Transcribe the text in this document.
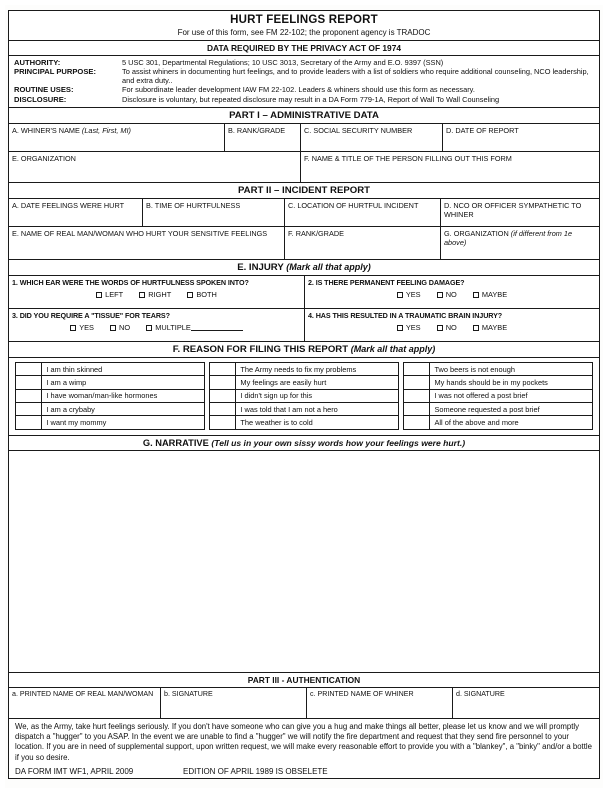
HURT FEELINGS REPORT
For use of this form, see FM 22-102; the proponent agency is TRADOC
DATA REQUIRED BY THE PRIVACY ACT OF 1974
AUTHORITY:	5 USC 301, Departmental Regulations; 10 USC 3013, Secretary of the Army and E.O. 9397 (SSN)
PRINCIPAL PURPOSE:	To assist whiners in documenting hurt feelings, and to provide leaders with a list of soldiers who require additional counseling, NCO leadership, and extra duty..
ROUTINE USES:	For subordinate leader development IAW FM 22-102. Leaders & whiners should use this form as necessary.
DISCLOSURE:	Disclosure is voluntary, but repeated disclosure may result in a DA Form 779-1A, Report of Wall To Wall Counseling
PART I – ADMINISTRATIVE DATA
A. WHINER'S NAME (Last, First, MI)	B. RANK/GRADE	C. SOCIAL SECURITY NUMBER	D. DATE OF REPORT
E. ORGANIZATION	F. NAME & TITLE OF THE PERSON FILLING OUT THIS FORM
PART II – INCIDENT REPORT
A. DATE FEELINGS WERE HURT	B. TIME OF HURTFULNESS	C. LOCATION OF HURTFUL INCIDENT	D. NCO OR OFFICER SYMPATHETIC TO WHINER
E. NAME OF REAL MAN/WOMAN WHO HURT YOUR SENSITIVE FEELINGS	F. RANK/GRADE	G. ORGANIZATION (if different from 1e above)
E. INJURY (Mark all that apply)
1. WHICH EAR WERE THE WORDS OF HURTFULNESS SPOKEN INTO?
LEFT	RIGHT	BOTH
2. IS THERE PERMANENT FEELING DAMAGE?
YES	NO	MAYBE
3. DID YOU REQUIRE A "TISSUE" FOR TEARS?
YES	NO	MULTIPLE
4. HAS THIS RESULTED IN A TRAUMATIC BRAIN INJURY?
YES	NO	MAYBE
F. REASON FOR FILING THIS REPORT (Mark all that apply)
	I am thin skinned			The Army needs to fix my problems			Two beers is not enough
	I am a wimp			My feelings are easily hurt			My hands should be in my pockets
	I have woman/man-like hormones			I didn't sign up for this			I was not offered a post brief
	I am a crybaby			I was told that I am not a hero			Someone requested a post brief
	I want my mommy			The weather is to cold			All of the above and more
G. NARRATIVE (Tell us in your own sissy words how your feelings were hurt.)
PART III - AUTHENTICATION
a. PRINTED NAME OF REAL MAN/WOMAN	b. SIGNATURE	c. PRINTED NAME OF WHINER	d. SIGNATURE
We, as the Army, take hurt feelings seriously. If you don't have someone who can give you a hug and make things all better, please let us know and we will promptly dispatch a "hugger" to you ASAP. In the event we are unable to find a "hugger" we will notify the fire department and request that they send fire personnel to your location. If you are in need of supplemental support, upon written request, we will make every reasonable effort to provide you with a "blankey", a "binky" and/or a bottle if you so desire.
DA FORM IMT WF1, APRIL 2009	EDITION OF APRIL 1989 IS OBSELETE
